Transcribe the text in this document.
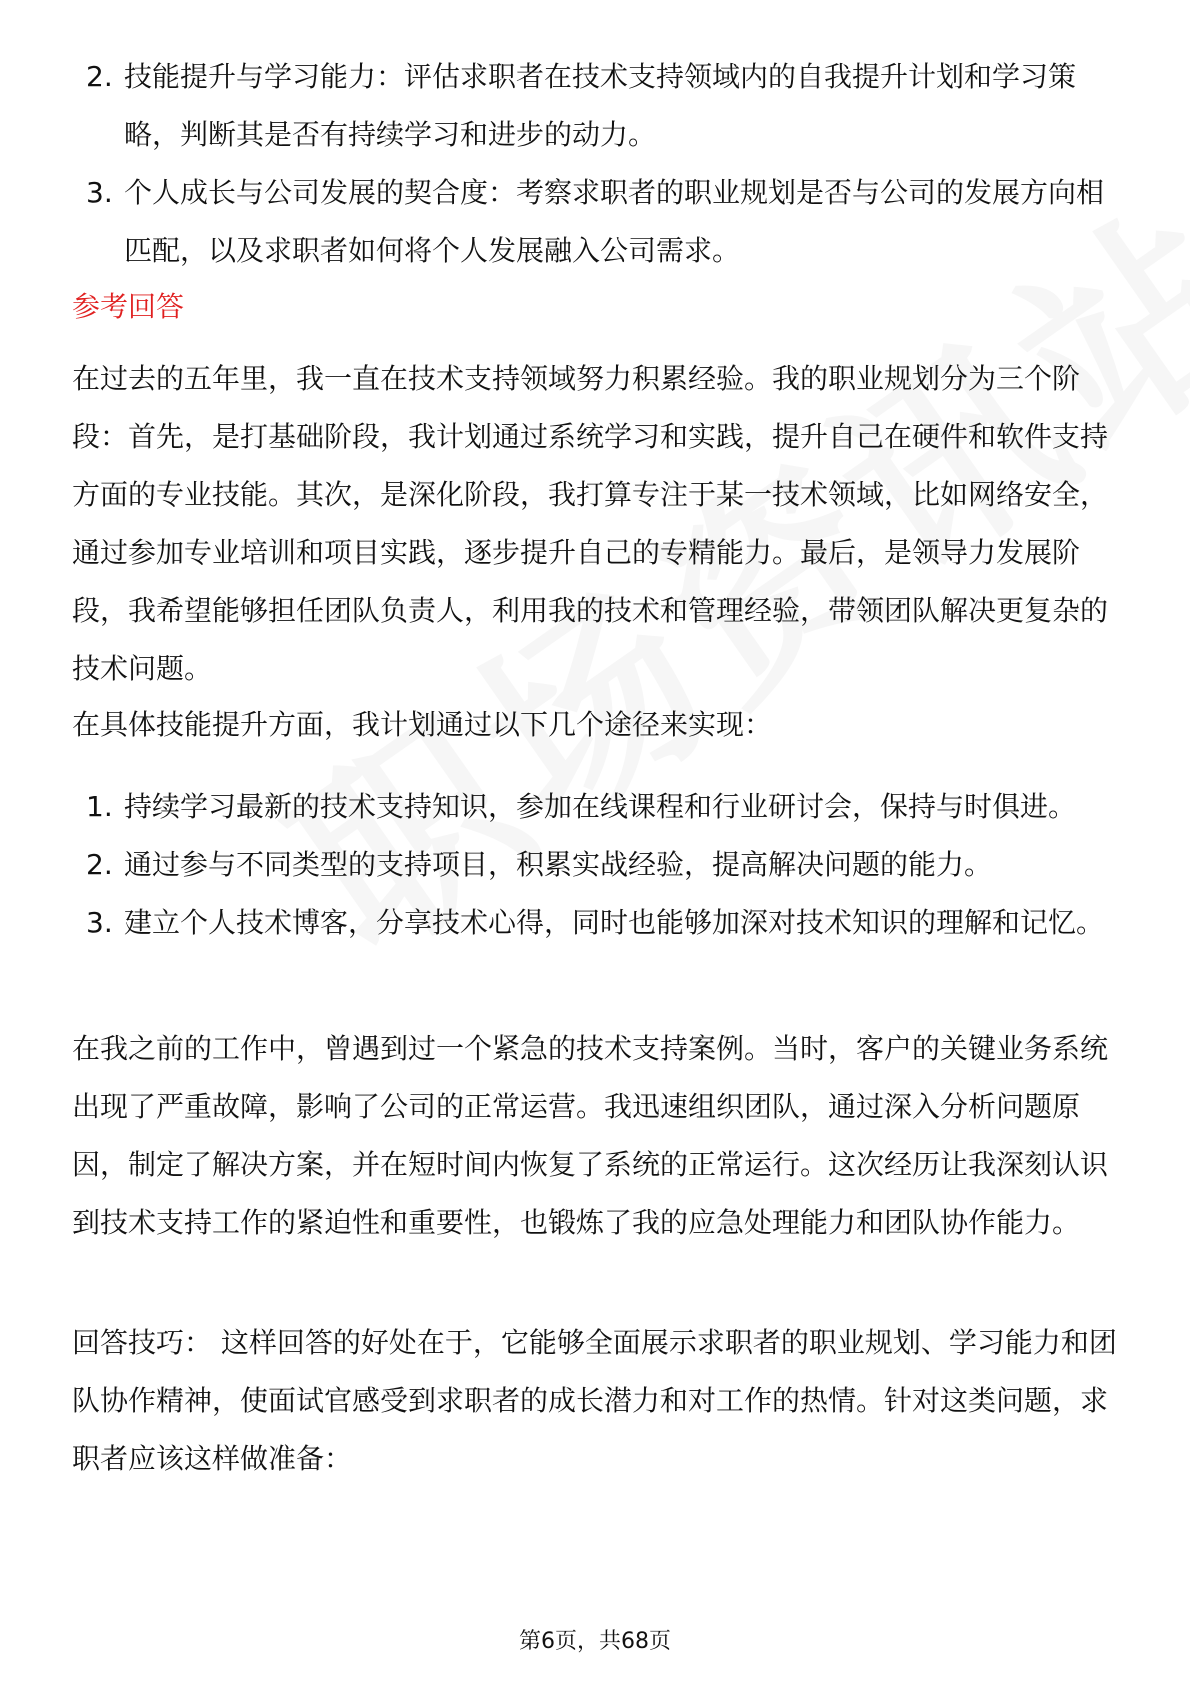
2. 技能提升与学习能力：评估求职者在技术支持领域内的自我提升计划和学习策略，判断其是否有持续学习和进步的动力。
3. 个人成长与公司发展的契合度：考察求职者的职业规划是否与公司的发展方向相匹配，以及求职者如何将个人发展融入公司需求。
参考回答

在过去的五年里，我一直在技术支持领域努力积累经验。我的职业规划分为三个阶段：首先，是打基础阶段，我计划通过系统学习和实践，提升自己在硬件和软件支持方面的专业技能。其次，是深化阶段，我打算专注于某一技术领域，比如网络安全，通过参加专业培训和项目实践，逐步提升自己的专精能力。最后，是领导力发展阶段，我希望能够担任团队负责人，利用我的技术和管理经验，带领团队解决更复杂的技术问题。

在具体技能提升方面，我计划通过以下几个途径来实现：

1. 持续学习最新的技术支持知识，参加在线课程和行业研讨会，保持与时俱进。
2. 通过参与不同类型的支持项目，积累实战经验，提高解决问题的能力。
3. 建立个人技术博客，分享技术心得，同时也能够加深对技术知识的理解和记忆。

在我之前的工作中，曾遇到过一个紧急的技术支持案例。当时，客户的关键业务系统出现了严重故障，影响了公司的正常运营。我迅速组织团队，通过深入分析问题原因，制定了解决方案，并在短时间内恢复了系统的正常运行。这次经历让我深刻认识到技术支持工作的紧迫性和重要性，也锻炼了我的应急处理能力和团队协作能力。

回答技巧： 这样回答的好处在于，它能够全面展示求职者的职业规划、学习能力和团队协作精神，使面试官感受到求职者的成长潜力和对工作的热情。针对这类问题，求职者应该这样做准备：

第6页，共68页
